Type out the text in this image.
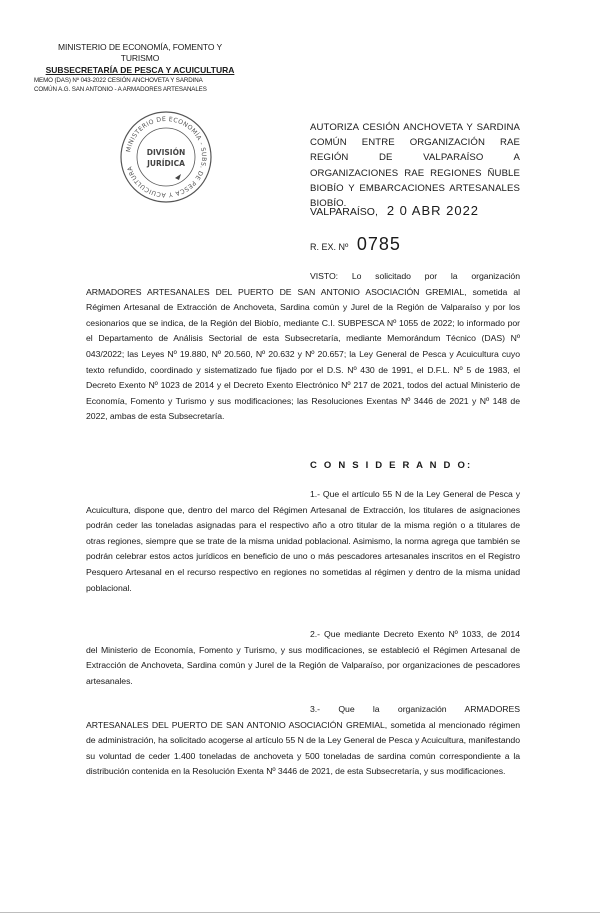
MINISTERIO DE ECONOMÍA, FOMENTO Y
TURISMO
SUBSECRETARÍA DE PESCA Y ACUICULTURA
MEMO (DAS) Nº 043-2022 CESIÓN ANCHOVETA Y SARDINA
COMÚN A.G. SAN ANTONIO - A ARMADORES ARTESANALES
MINISTERIO DE ECONOMÍA - SUBS. DE PESCA Y ACUICULTURA
DIVISIÓN
JURÍDICA
AUTORIZA CESIÓN ANCHOVETA Y SARDINA COMÚN ENTRE ORGANIZACIÓN RAE REGIÓN DE VALPARAÍSO A ORGANIZACIONES RAE REGIONES ÑUBLE BIOBÍO Y EMBARCACIONES ARTESANALES BIOBÍO.
VALPARAÍSO, 2 0 ABR 2022
R. EX. Nº 0785
VISTO: Lo solicitado por la organización ARMADORES ARTESANALES DEL PUERTO DE SAN ANTONIO ASOCIACIÓN GREMIAL, sometida al Régimen Artesanal de Extracción de Anchoveta, Sardina común y Jurel de la Región de Valparaíso y por los cesionarios que se indica, de la Región del Biobío, mediante C.I. SUBPESCA Nº 1055 de 2022; lo informado por el Departamento de Análisis Sectorial de esta Subsecretaría, mediante Memorándum Técnico (DAS) Nº 043/2022; las Leyes Nº 19.880, Nº 20.560, Nº 20.632 y Nº 20.657; la Ley General de Pesca y Acuicultura cuyo texto refundido, coordinado y sistematizado fue fijado por el D.S. Nº 430 de 1991, el D.F.L. Nº 5 de 1983, el Decreto Exento Nº 1023 de 2014 y el Decreto Exento Electrónico Nº 217 de 2021, todos del actual Ministerio de Economía, Fomento y Turismo y sus modificaciones; las Resoluciones Exentas Nº 3446 de 2021 y Nº 148 de 2022, ambas de esta Subsecretaría.
C O N S I D E R A N D O:
1.- Que el artículo 55 N de la Ley General de Pesca y Acuicultura, dispone que, dentro del marco del Régimen Artesanal de Extracción, los titulares de asignaciones podrán ceder las toneladas asignadas para el respectivo año a otro titular de la misma región o a titulares de otras regiones, siempre que se trate de la misma unidad poblacional. Asimismo, la norma agrega que también se podrán celebrar estos actos jurídicos en beneficio de uno o más pescadores artesanales inscritos en el Registro Pesquero Artesanal en el recurso respectivo en regiones no sometidas al régimen y dentro de la misma unidad poblacional.
2.- Que mediante Decreto Exento Nº 1033, de 2014 del Ministerio de Economía, Fomento y Turismo, y sus modificaciones, se estableció el Régimen Artesanal de Extracción de Anchoveta, Sardina común y Jurel de la Región de Valparaíso, por organizaciones de pescadores artesanales.
3.- Que la organización ARMADORES ARTESANALES DEL PUERTO DE SAN ANTONIO ASOCIACIÓN GREMIAL, sometida al mencionado régimen de administración, ha solicitado acogerse al artículo 55 N de la Ley General de Pesca y Acuicultura, manifestando su voluntad de ceder 1.400 toneladas de anchoveta y 500 toneladas de sardina común correspondiente a la distribución contenida en la Resolución Exenta Nº 3446 de 2021, de esta Subsecretaría, y sus modificaciones.
